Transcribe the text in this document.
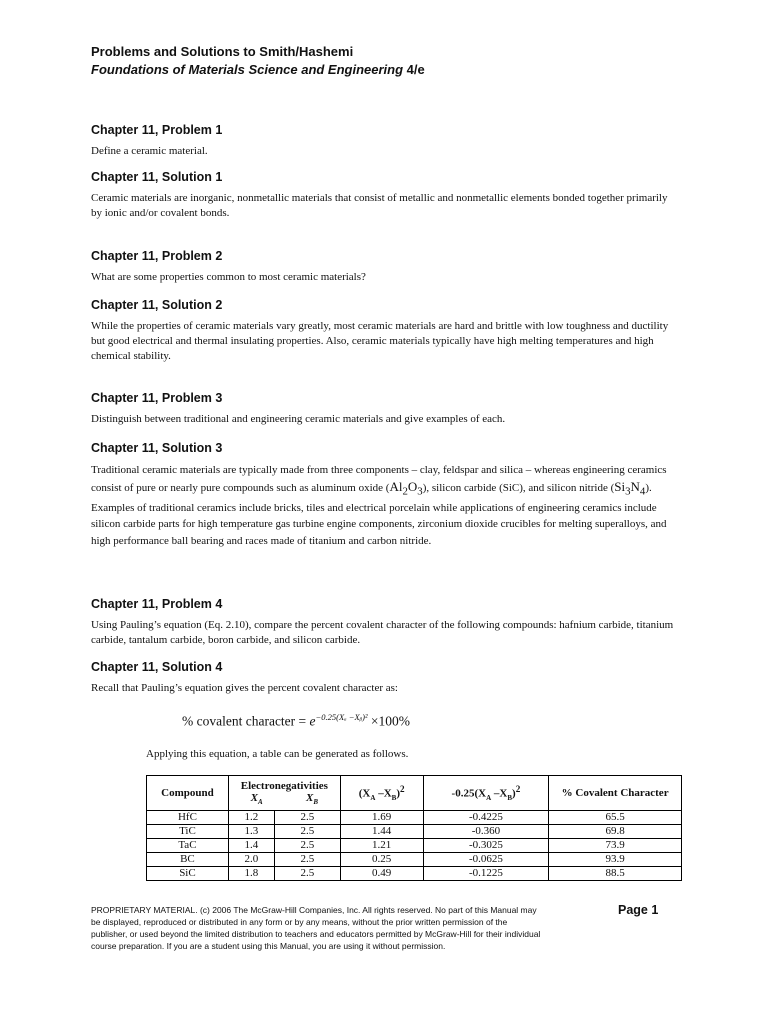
Problems and Solutions to Smith/Hashemi
Foundations of Materials Science and Engineering 4/e
Chapter 11, Problem 1

Define a ceramic material.

Chapter 11, Solution 1

Ceramic materials are inorganic, nonmetallic materials that consist of metallic and nonmetallic elements bonded together primarily by ionic and/or covalent bonds.

Chapter 11, Problem 2

What are some properties common to most ceramic materials?

Chapter 11, Solution 2

While the properties of ceramic materials vary greatly, most ceramic materials are hard and brittle with low toughness and ductility but good electrical and thermal insulating properties. Also, ceramic materials typically have high melting temperatures and high chemical stability.

Chapter 11, Problem 3

Distinguish between traditional and engineering ceramic materials and give examples of each.

Chapter 11, Solution 3

Traditional ceramic materials are typically made from three components – clay, feldspar and silica – whereas engineering ceramics consist of pure or nearly pure compounds such as aluminum oxide $(Al_2O_3)$, silicon carbide (SiC), and silicon nitride $(Si_3N_4)$. Examples of traditional ceramics include bricks, tiles and electrical porcelain while applications of engineering ceramics include silicon carbide parts for high temperature gas turbine engine components, zirconium dioxide crucibles for melting superalloys, and high performance ball bearing and races made of titanium and carbon nitride.

Chapter 11, Problem 4

Using Pauling’s equation (Eq. 2.10), compare the percent covalent character of the following compounds: hafnium carbide, titanium carbide, tantalum carbide, boron carbide, and silicon carbide.

Chapter 11, Solution 4

Recall that Pauling’s equation gives the percent covalent character as:

% covalent character = $e^{-0.25(X_a -Xᵦ)^2} \times 100\%$
Applying this equation, a table can be generated as follows.
Compound	Electronegativities
$X_A$ $X_B$		($X_A$ $-X_B)^2$	$-0.25(X_A$ $-X_B)^2$	% Covalent Character
HfC	1.2	2.5	1.69	-0.4225	65.5
TiC	1.3	2.5	1.44	-0.360	69.8
TaC	1.4	2.5	1.21	-0.3025	73.9
BC	2.0	2.5	0.25	-0.0625	93.9
SiC	1.8	2.5	0.49	-0.1225	88.5
PROPRIETARY MATERIAL. (c) 2006 The McGraw-Hill Companies, Inc. All rights reserved. No part of this Manual may be displayed, reproduced or distributed in any form or by any means, without the prior written permission of the publisher, or used beyond the limited distribution to teachers and educators permitted by McGraw-Hill for their individual course preparation. If you are a student using this Manual, you are using it without permission.
Page 1
